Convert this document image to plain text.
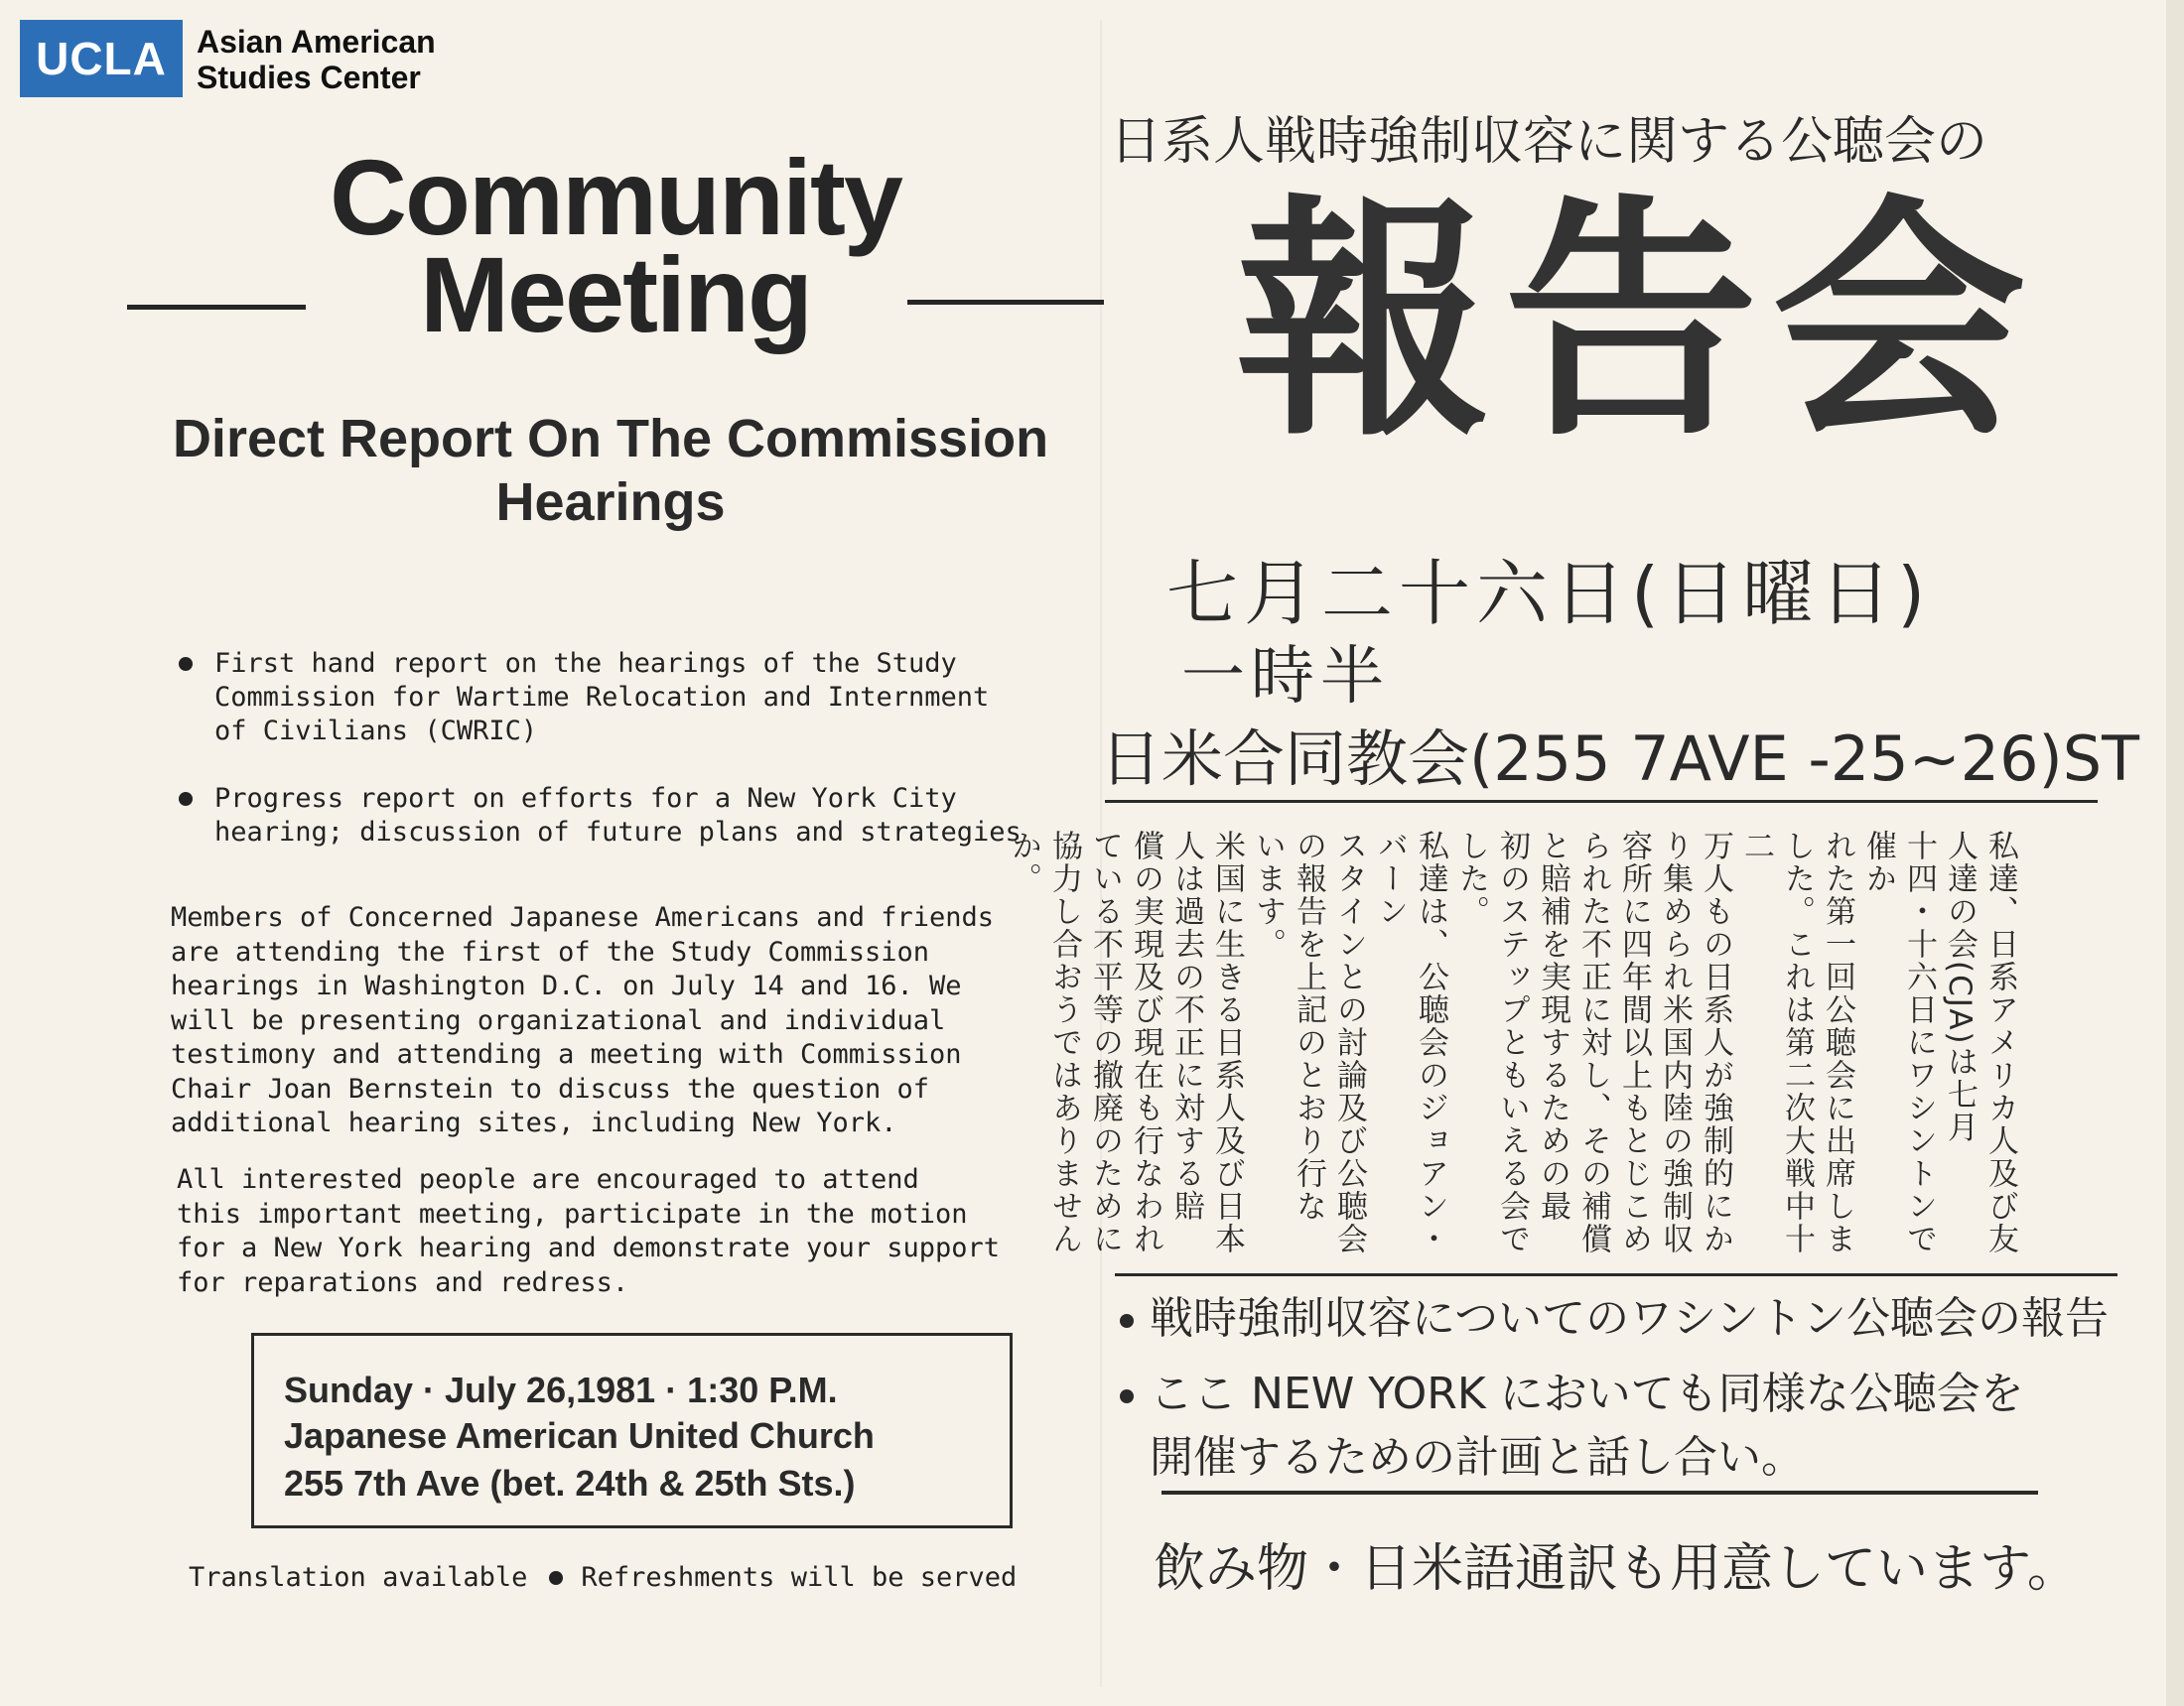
UCLA Asian American
Studies Center
Community
Meeting
Direct Report On The Commission
Hearings
First hand report on the hearings of the Study
Commission for Wartime Relocation and Internment
of Civilians (CWRIC)
Progress report on efforts for a New York City
hearing; discussion of future plans and strategies
Members of Concerned Japanese Americans and friends
are attending the first of the Study Commission
hearings in Washington D.C. on July 14 and 16. We
will be presenting organizational and individual
testimony and attending a meeting with Commission
Chair Joan Bernstein to discuss the question of
additional hearing sites, including New York.
All interested people are encouraged to attend
this important meeting, participate in the motion
for a New York hearing and demonstrate your support
for reparations and redress.
Sunday · July 26,1981 · 1:30 P.M.
Japanese American United Church
255 7th Ave (bet. 24th & 25th Sts.)
Translation available Refreshments will be served
日系人戦時強制収容に関する公聴会の
報告会
七月二十六日(日曜日)
一時半
日米合同教会(255 7AVE -25~26)ST

私達、日系アメリカ人及び友

人達の会(CJA)は七月

十四・十六日にワシントンで催か

れた第一回公聴会に出席しま

した。これは第二次大戦中十二

万人もの日系人が強制的にか

り集められ米国内陸の強制収

容所に四年間以上もとじこめ

られた不正に対し、その補償

と賠補を実現するための最

初のステップともいえる会でした。

私達は、公聴会のジョアン・バーン

スタインとの討論及び公聴会

の報告を上記のとおり行な

います。

米国に生きる日系人及び日本

人は過去の不正に対する賠

償の実現及び現在も行なわれ

ている不平等の撤廃のために

協力し合おうではありませんか。

戦時強制収容についてのワシントン公聴会の報告
ここ NEW YORK においても同様な公聴会を
開催するための計画と話し合い。
飲み物・日米語通訳も用意しています。
